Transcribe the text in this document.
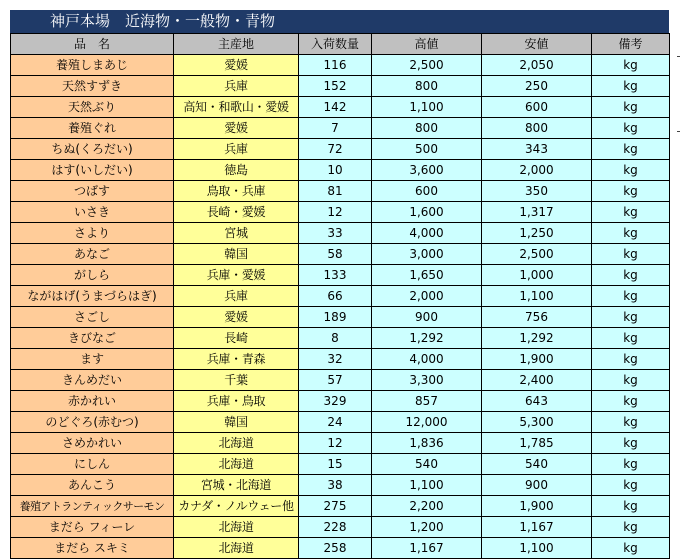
神戸本場　近海物・一般物・青物
品　名	主産地	入荷数量	高値	安値	備考
養殖しまあじ	愛媛	116	2,500	2,050	kg
天然すずき	兵庫	152	800	250	kg
天然ぶり	高知・和歌山・愛媛	142	1,100	600	kg
養殖ぐれ	愛媛	7	800	800	kg
ちぬ(くろだい)	兵庫	72	500	343	kg
はす(いしだい)	徳島	10	3,600	2,000	kg
つばす	鳥取・兵庫	81	600	350	kg
いさき	長崎・愛媛	12	1,600	1,317	kg
さより	宮城	33	4,000	1,250	kg
あなご	韓国	58	3,000	2,500	kg
がしら	兵庫・愛媛	133	1,650	1,000	kg
ながはげ(うまづらはぎ)	兵庫	66	2,000	1,100	kg
さごし	愛媛	189	900	756	kg
きびなご	長崎	8	1,292	1,292	kg
ます	兵庫・青森	32	4,000	1,900	kg
きんめだい	千葉	57	3,300	2,400	kg
赤かれい	兵庫・鳥取	329	857	643	kg
のどぐろ(赤むつ)	韓国	24	12,000	5,300	kg
さめかれい	北海道	12	1,836	1,785	kg
にしん	北海道	15	540	540	kg
あんこう	宮城・北海道	38	1,100	900	kg
養殖アトランティックサーモン	カナダ・ノルウェー他	275	2,200	1,900	kg
まだら フィーレ	北海道	228	1,200	1,167	kg
まだら スキミ	北海道	258	1,167	1,100	kg
